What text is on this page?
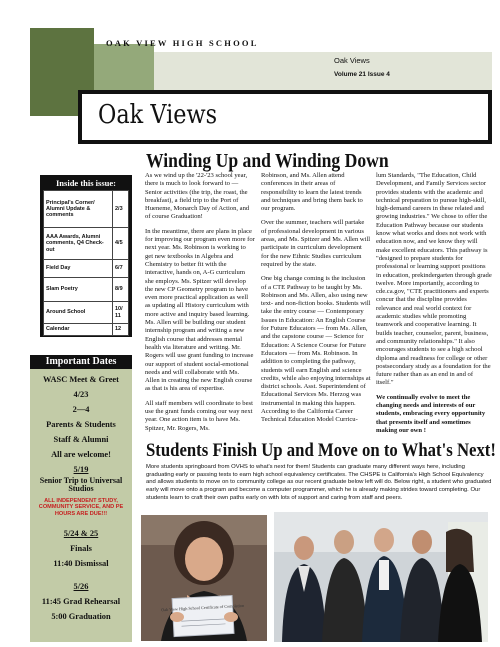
OAK VIEW HIGH SCHOOL
Oak Views
Volume 21 Issue 4
Oak Views
Winding Up and Winding Down
Inside this issue:
Principal's Corner/ Alumni Update & comments	2/3
AAA Awards, Alumni comments, Q4 Check-out	4/5
Field Day	6/7
Slam Poetry	8/9
Around School	10/ 11
Calendar	12

As we wind up the '22-'23 school year, there is much to look forward to — Senior activities (the trip, the roast, the breakfast), a field trip to the Port of Hueneme, Monarch Day of Action, and of course Graduation!

In the meantime, there are plans in place for improving our program even more for next year. Ms. Robinson is working to get new textbooks in Algebra and Chemistry to better fit with the interactive, hands on, A-G curriculum she employs. Ms. Spitzer will develop the new CP Geometry program to have even more practical application as well as updating all History curriculum with more active and inquiry based learning. Ms. Allen will be building our student internship program and writing a new English course that addresses mental health via literature and writing. Mr. Rogers will use grant funding to increase our support of student social-emotional needs and will collaborate with Ms. Allen in creating the new English course as that is his area of expertise.

All staff members will coordinate to best use the grant funds coming our way next year. One action item is to have Ms. Spitzer, Mr. Rogers, Ms.

Robinson, and Ms. Allen attend conferences in their areas of responsibility to learn the latest trends and techniques and bring them back to our program.

Over the summer, teachers will partake of professional development in various areas, and Ms. Spitzer and Ms. Allen will participate in curriculum development for the new Ethnic Studies curriculum required by the state.

One big change coming is the inclusion of a CTE Pathway to be taught by Ms. Robinson and Ms. Allen, also using new text- and non-fiction books. Students will take the entry course — Contemporary Issues in Education: An English Course for Future Educators — from Ms. Allen, and the capstone course — Science for Education: A Science Course for Future Educators — from Ms. Robinson. In addition to completing the pathway, students will earn English and science credits, while also enjoying internships at district schools. Asst. Superintendent of Educational Services Ms. Herzog was instrumental in making this happen. According to the California Career Technical Education Model Curricu-

lum Standards, "The Education, Child Development, and Family Services sector provides students with the academic and technical preparation to pursue high-skill, high-demand careers in these related and growing industries." We chose to offer the Education Pathway because our students know what works and does not work with education now, and we know they will make excellent educators. This pathway is "designed to prepare students for professional or learning support positions in education, prekindergarten through grade twelve. More importantly, according to cde.ca.gov, "CTE practitioners and experts concur that the discipline provides relevance and real world context for academic studies while promoting teamwork and cooperative learning. It builds teacher, counselor, parent, business, and community relationships." It also encourages students to see a high school diploma and readiness for college or other postsecondary study as a foundation for the future rather than as an end in and of itself."

We continually evolve to meet the changing needs and interests of our students, embracing every opportunity that presents itself and sometimes making our own !

Important Dates
WASC Meet & Greet
4/23
2—4
Parents & Students
Staff & Alumni
All are welcome!
5/19
Senior Trip to Universal Studios
ALL INDEPENDENT STUDY, COMMUNITY SERVICE, AND PE HOURS ARE DUE!!!
5/24 & 25
Finals
11:40 Dismissal
5/26
11:45 Grad Rehearsal
5:00 Graduation
Students Finish Up and Move on to What's Next!
More students springboard from OVHS to what's next for them! Students can graduate many different ways here, including graduating early or passing tests to earn high school equivalency certificates. The CHSPE is California's High School Equivalency and allows students to move on to community college as our recent graduate below left will do. Below right, a student who graduated early will move onto a program and become a computer programmer, which he is already making strides toward completing. Our students learn to craft their own paths early on with lots of support and caring from staff and peers.
Oak View High School Certificate of Completion
